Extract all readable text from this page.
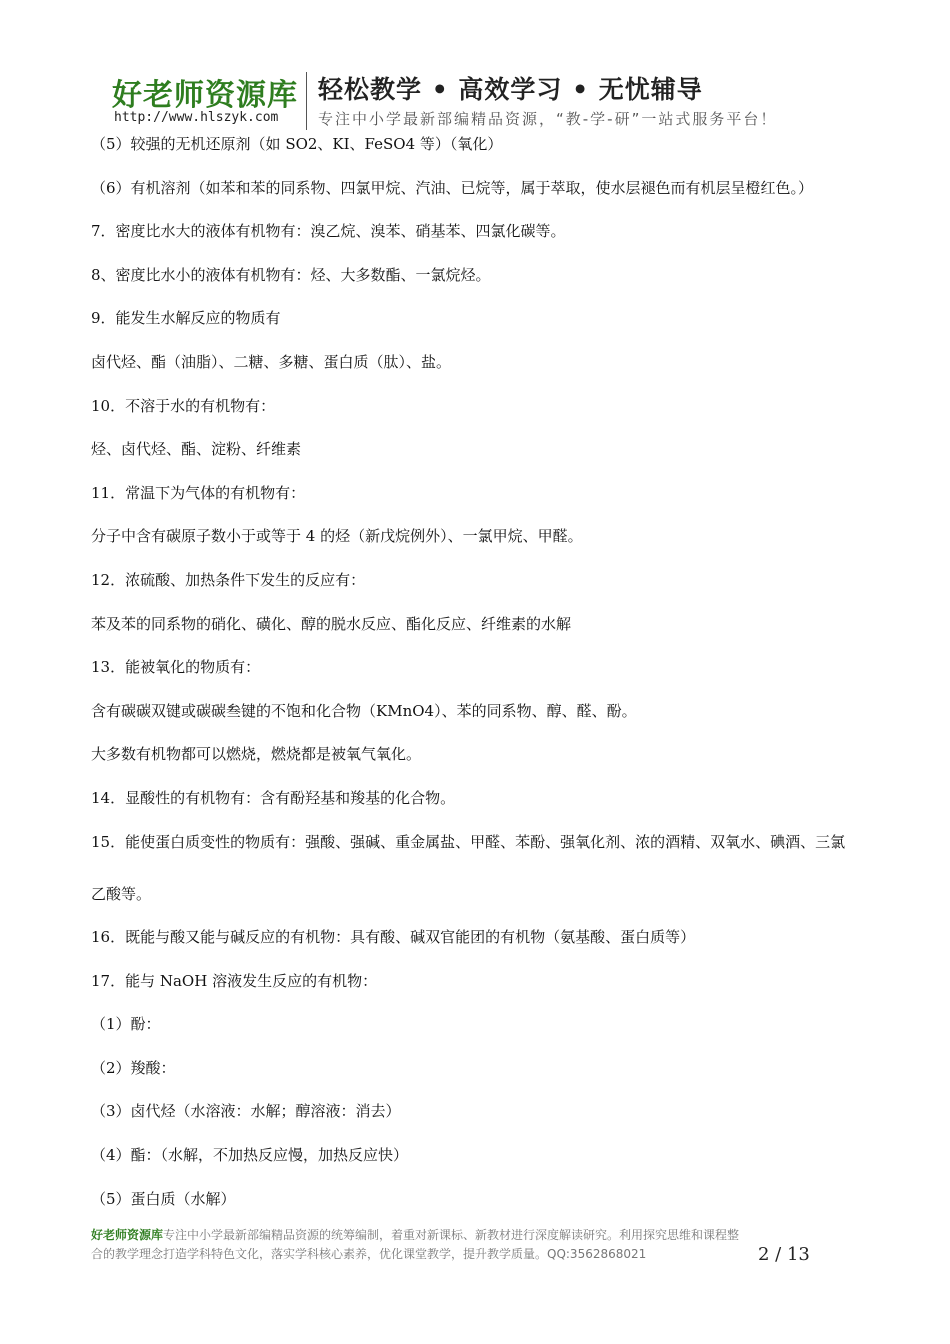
好老师资源库
http://www.hlszyk.com
轻松教学 • 高效学习 • 无忧辅导
专注中小学最新部编精品资源，“教-学-研”一站式服务平台！
（5）较强的无机还原剂（如 SO2、KI、FeSO4 等）（氧化）
（6）有机溶剂（如苯和苯的同系物、四氯甲烷、汽油、已烷等，属于萃取，使水层褪色而有机层呈橙红色。）
7．密度比水大的液体有机物有：溴乙烷、溴苯、硝基苯、四氯化碳等。
8、密度比水小的液体有机物有：烃、大多数酯、一氯烷烃。
9．能发生水解反应的物质有
卤代烃、酯（油脂）、二糖、多糖、蛋白质（肽）、盐。
10．不溶于水的有机物有：
烃、卤代烃、酯、淀粉、纤维素
11．常温下为气体的有机物有：
分子中含有碳原子数小于或等于 4 的烃（新戊烷例外）、一氯甲烷、甲醛。
12．浓硫酸、加热条件下发生的反应有：
苯及苯的同系物的硝化、磺化、醇的脱水反应、酯化反应、纤维素的水解
13．能被氧化的物质有：
含有碳碳双键或碳碳叁键的不饱和化合物（KMnO4）、苯的同系物、醇、醛、酚。
大多数有机物都可以燃烧，燃烧都是被氧气氧化。
14．显酸性的有机物有：含有酚羟基和羧基的化合物。
15．能使蛋白质变性的物质有：强酸、强碱、重金属盐、甲醛、苯酚、强氧化剂、浓的酒精、双氧水、碘酒、三氯
乙酸等。
16．既能与酸又能与碱反应的有机物：具有酸、碱双官能团的有机物（氨基酸、蛋白质等）
17．能与 NaOH 溶液发生反应的有机物：
（1）酚：
（2）羧酸：
（3）卤代烃（水溶液：水解；醇溶液：消去）
（4）酯：（水解，不加热反应慢，加热反应快）
（5）蛋白质（水解）
好老师资源库专注中小学最新部编精品资源的统筹编制，着重对新课标、新教材进行深度解读研究。利用探究思维和课程整
合的教学理念打造学科特色文化，落实学科核心素养，优化课堂教学，提升教学质量。QQ:3562868021	2 / 13
